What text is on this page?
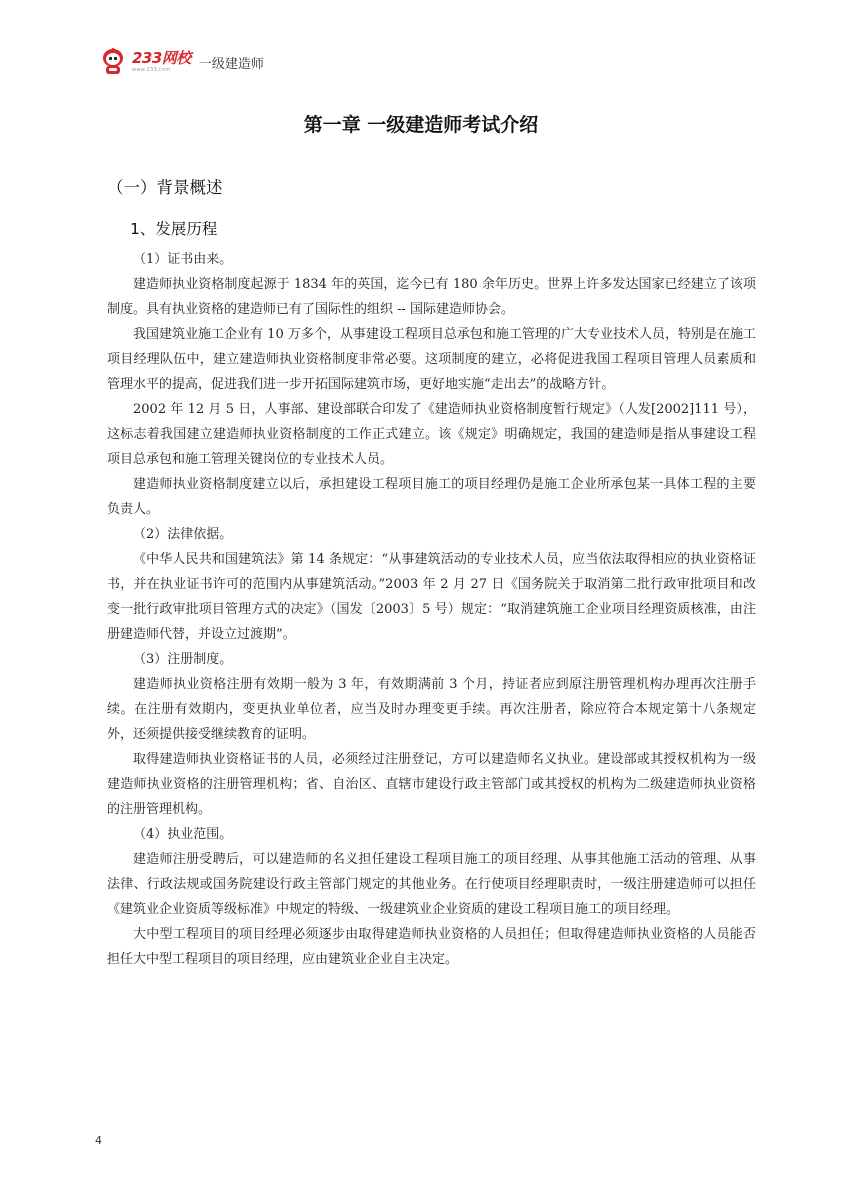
233网校
www.233.com	一级建造师
第一章 一级建造师考试介绍
（一）背景概述
1、发展历程

（1）证书由来。

建造师执业资格制度起源于 1834 年的英国，迄今已有 180 余年历史。世界上许多发达国家已经建立了该项制度。具有执业资格的建造师已有了国际性的组织 -- 国际建造师协会。

我国建筑业施工企业有 10 万多个，从事建设工程项目总承包和施工管理的广大专业技术人员，特别是在施工项目经理队伍中，建立建造师执业资格制度非常必要。这项制度的建立，必将促进我国工程项目管理人员素质和管理水平的提高，促进我们进一步开拓国际建筑市场，更好地实施“走出去”的战略方针。

2002 年 12 月 5 日，人事部、建设部联合印发了《建造师执业资格制度暂行规定》（人发[2002]111 号），这标志着我国建立建造师执业资格制度的工作正式建立。该《规定》明确规定，我国的建造师是指从事建设工程项目总承包和施工管理关键岗位的专业技术人员。

建造师执业资格制度建立以后，承担建设工程项目施工的项目经理仍是施工企业所承包某一具体工程的主要负责人。

（2）法律依据。

《中华人民共和国建筑法》第 14 条规定：“从事建筑活动的专业技术人员，应当依法取得相应的执业资格证书，并在执业证书许可的范围内从事建筑活动。”2003 年 2 月 27 日《国务院关于取消第二批行政审批项目和改变一批行政审批项目管理方式的决定》（国发〔2003〕5 号）规定：“取消建筑施工企业项目经理资质核准，由注册建造师代替，并设立过渡期”。

（3）注册制度。

建造师执业资格注册有效期一般为 3 年，有效期满前 3 个月，持证者应到原注册管理机构办理再次注册手续。在注册有效期内，变更执业单位者，应当及时办理变更手续。再次注册者，除应符合本规定第十八条规定外，还须提供接受继续教育的证明。

取得建造师执业资格证书的人员，必须经过注册登记，方可以建造师名义执业。建设部或其授权机构为一级建造师执业资格的注册管理机构；省、自治区、直辖市建设行政主管部门或其授权的机构为二级建造师执业资格的注册管理机构。

（4）执业范围。

建造师注册受聘后，可以建造师的名义担任建设工程项目施工的项目经理、从事其他施工活动的管理、从事法律、行政法规或国务院建设行政主管部门规定的其他业务。在行使项目经理职责时，一级注册建造师可以担任《建筑业企业资质等级标准》中规定的特级、一级建筑业企业资质的建设工程项目施工的项目经理。

大中型工程项目的项目经理必须逐步由取得建造师执业资格的人员担任；但取得建造师执业资格的人员能否担任大中型工程项目的项目经理，应由建筑业企业自主决定。

4
